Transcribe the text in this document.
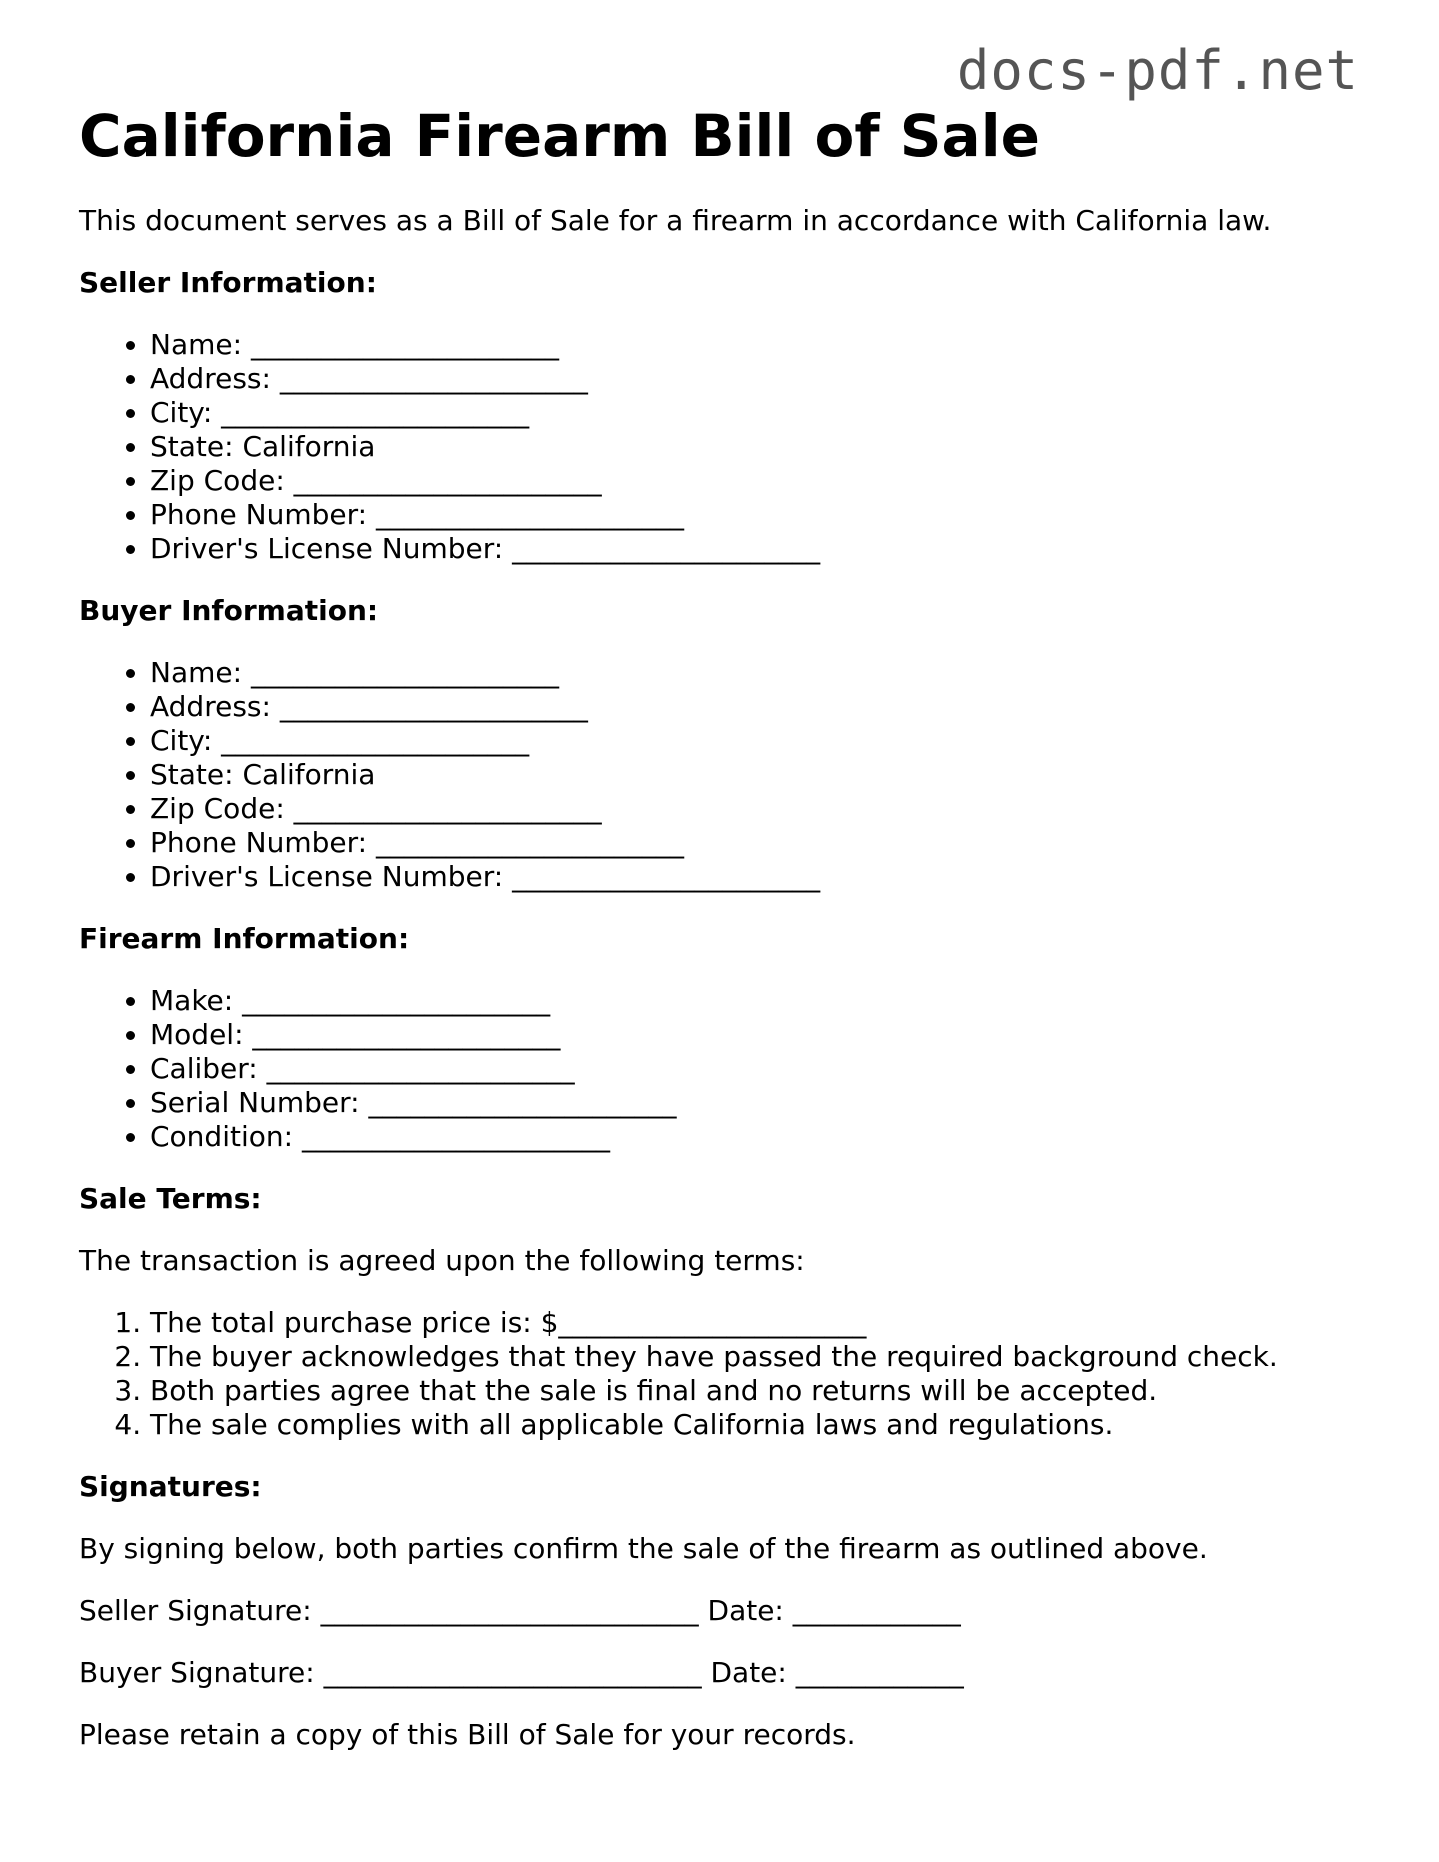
docs-pdf.net
California Firearm Bill of Sale

This document serves as a Bill of Sale for a firearm in accordance with California law.

Seller Information:
• Name: ______________________
• Address: ______________________
• City: ______________________
• State: California
• Zip Code: ______________________
• Phone Number: ______________________
• Driver's License Number: ______________________
Buyer Information:
• Name: ______________________
• Address: ______________________
• City: ______________________
• State: California
• Zip Code: ______________________
• Phone Number: ______________________
• Driver's License Number: ______________________
Firearm Information:
• Make: ______________________
• Model: ______________________
• Caliber: ______________________
• Serial Number: ______________________
• Condition: ______________________
Sale Terms:

The transaction is agreed upon the following terms:

1. The total purchase price is: $______________________
2. The buyer acknowledges that they have passed the required background check.
3. Both parties agree that the sale is final and no returns will be accepted.
4. The sale complies with all applicable California laws and regulations.
Signatures:

By signing below, both parties confirm the sale of the firearm as outlined above.

Seller Signature: ___________________________ Date: ____________

Buyer Signature: ___________________________ Date: ____________

Please retain a copy of this Bill of Sale for your records.
